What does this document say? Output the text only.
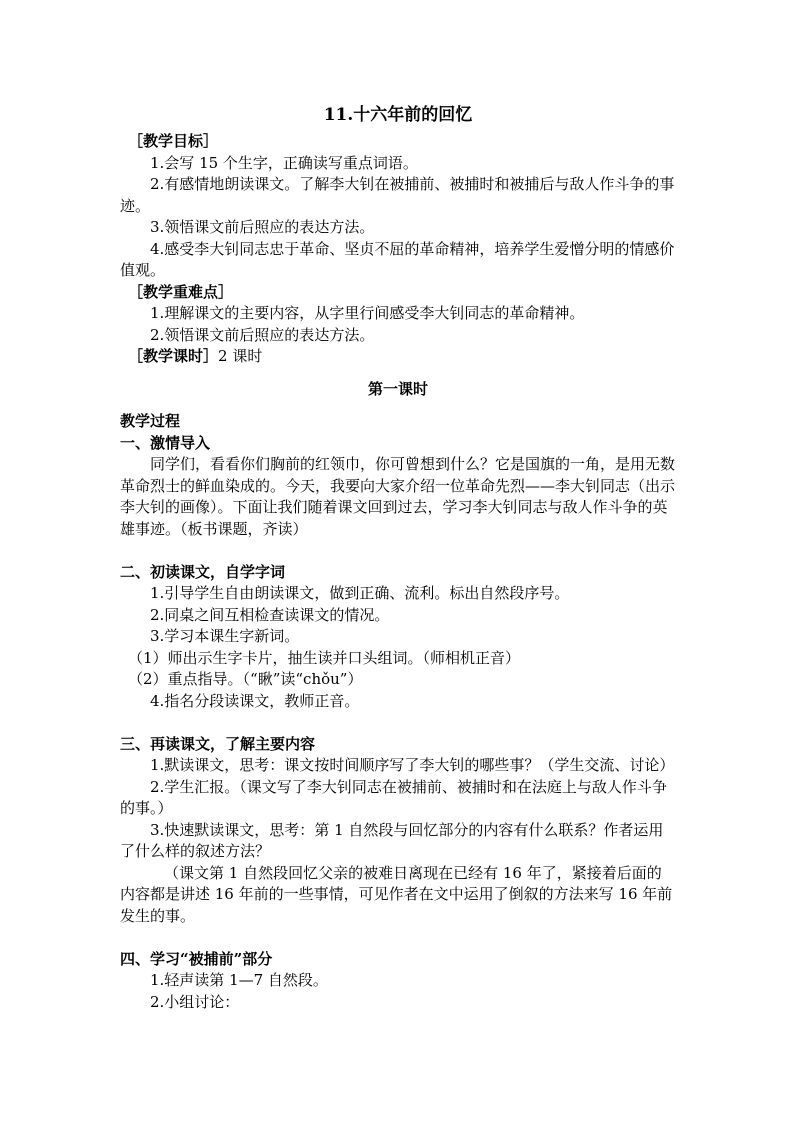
11.十六年前的回忆

［教学目标］

1.会写 15 个生字，正确读写重点词语。

2.有感情地朗读课文。了解李大钊在被捕前、被捕时和被捕后与敌人作斗争的事迹。

3.领悟课文前后照应的表达方法。

4.感受李大钊同志忠于革命、坚贞不屈的革命精神，培养学生爱憎分明的情感价值观。

［教学重难点］

1.理解课文的主要内容，从字里行间感受李大钊同志的革命精神。

2.领悟课文前后照应的表达方法。

［教学课时］2 课时

第一课时

教学过程

一、激情导入

同学们，看看你们胸前的红领巾，你可曾想到什么？它是国旗的一角，是用无数革命烈士的鲜血染成的。今天，我要向大家介绍一位革命先烈——李大钊同志（出示李大钊的画像）。下面让我们随着课文回到过去，学习李大钊同志与敌人作斗争的英雄事迹。（板书课题，齐读）

二、初读课文，自学字词

1.引导学生自由朗读课文，做到正确、流利。标出自然段序号。

2.同桌之间互相检查读课文的情况。

3.学习本课生字新词。

（1）师出示生字卡片，抽生读并口头组词。（师相机正音）

（2）重点指导。（“瞅”读“chǒu”）

4.指名分段读课文，教师正音。

三、再读课文，了解主要内容

1.默读课文，思考：课文按时间顺序写了李大钊的哪些事？（学生交流、讨论）

2.学生汇报。（课文写了李大钊同志在被捕前、被捕时和在法庭上与敌人作斗争的事。）

3.快速默读课文，思考：第 1 自然段与回忆部分的内容有什么联系？作者运用了什么样的叙述方法？

（课文第 1 自然段回忆父亲的被难日离现在已经有 16 年了，紧接着后面的内容都是讲述 16 年前的一些事情，可见作者在文中运用了倒叙的方法来写 16 年前发生的事。

四、学习“被捕前”部分

1.轻声读第 1—7 自然段。

2.小组讨论：
